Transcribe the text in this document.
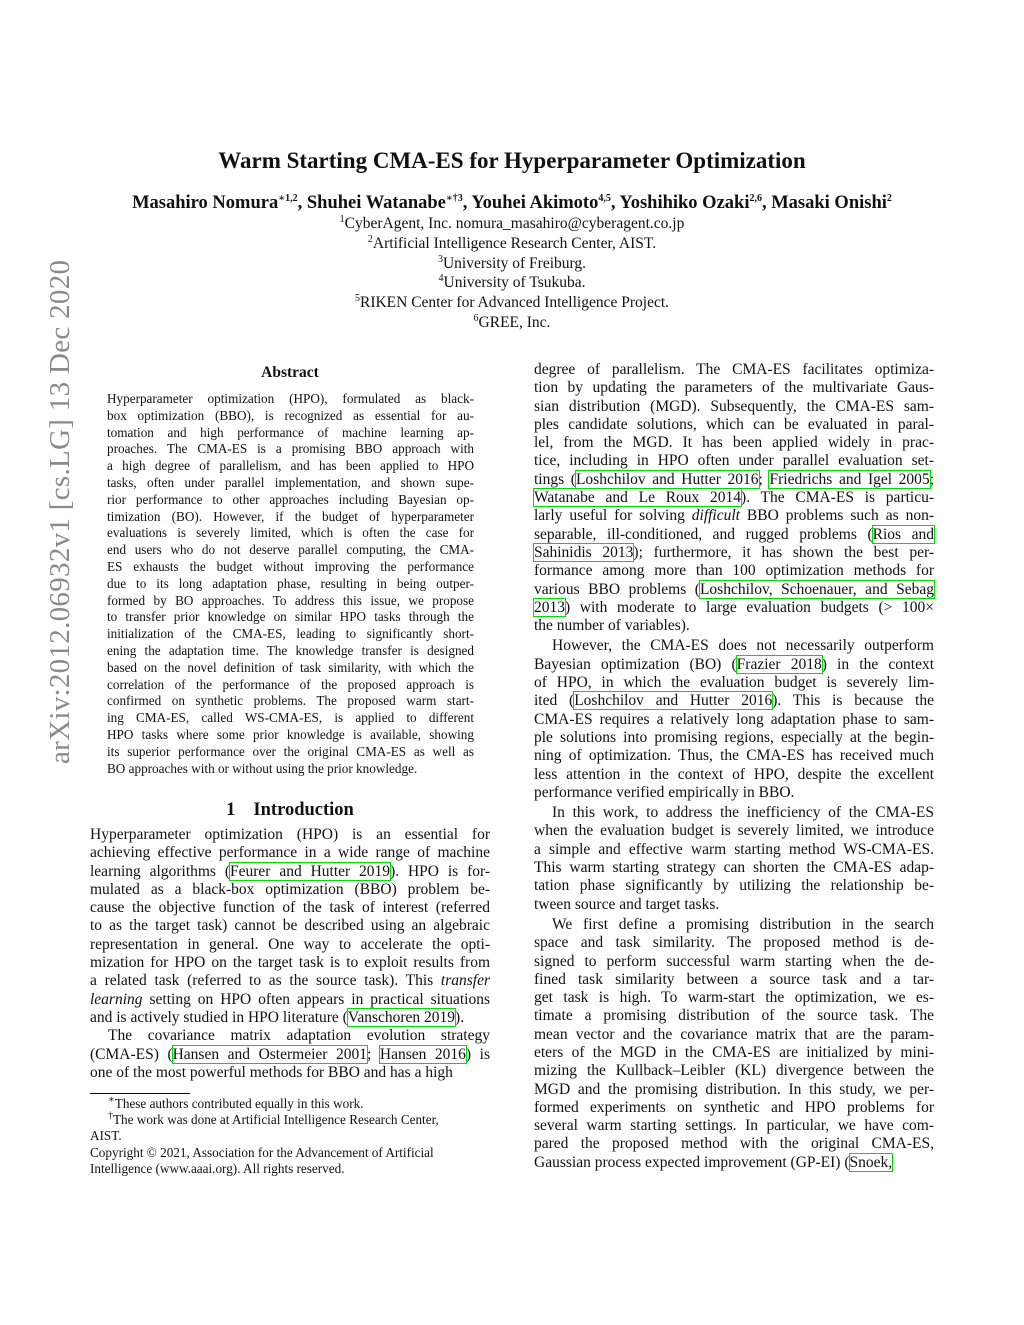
Warm Starting CMA-ES for Hyperparameter Optimization
Masahiro Nomura$^{∗1,2}$, Shuhei Watanabe$^{∗\dagger 3}$, Youhei Akimoto$^{4,5}$, Yoshihiko Ozaki$^{2,6}$, Masaki Onishi$^2$
$^1$CyberAgent, Inc. nomura_masahiro@cyberagent.co.jp
$^2$Artificial Intelligence Research Center, AIST.
$^3$University of Freiburg.
$^4$University of Tsukuba.
$^5$RIKEN Center for Advanced Intelligence Project.
$^6$GREE, Inc.
arXiv:2012.06932v1 [cs.LG] 13 Dec 2020	Abstract
Hyperparameter optimization (HPO), formulated as black-
box optimization (BBO), is recognized as essential for au-
tomation and high performance of machine learning ap-
proaches. The CMA-ES is a promising BBO approach with
a high degree of parallelism, and has been applied to HPO
tasks, often under parallel implementation, and shown supe-
rior performance to other approaches including Bayesian op-
timization (BO). However, if the budget of hyperparameter
evaluations is severely limited, which is often the case for
end users who do not deserve parallel computing, the CMA-
ES exhausts the budget without improving the performance
due to its long adaptation phase, resulting in being outper-
formed by BO approaches. To address this issue, we propose
to transfer prior knowledge on similar HPO tasks through the
initialization of the CMA-ES, leading to significantly short-
ening the adaptation time. The knowledge transfer is designed
based on the novel definition of task similarity, with which the
correlation of the performance of the proposed approach is
confirmed on synthetic problems. The proposed warm start-
ing CMA-ES, called WS-CMA-ES, is applied to different
HPO tasks where some prior knowledge is available, showing
its superior performance over the original CMA-ES as well as
BO approaches with or without using the prior knowledge.
1 Introduction
Hyperparameter optimization (HPO) is an essential for
achieving effective performance in a wide range of machine
learning algorithms (Feurer and Hutter 2019). HPO is for-
mulated as a black-box optimization (BBO) problem be-
cause the objective function of the task of interest (referred
to as the target task) cannot be described using an algebraic
representation in general. One way to accelerate the opti-
mization for HPO on the target task is to exploit results from
a related task (referred to as the source task). This transfer
learning setting on HPO often appears in practical situations
and is actively studied in HPO literature (Vanschoren 2019).
The covariance matrix adaptation evolution strategy
(CMA-ES) (Hansen and Ostermeier 2001; Hansen 2016) is
one of the most powerful methods for BBO and has a high
∗These authors contributed equally in this work.
†The work was done at Artificial Intelligence Research Center,
AIST.
Copyright © 2021, Association for the Advancement of Artificial
Intelligence (www.aaai.org). All rights reserved.
degree of parallelism. The CMA-ES facilitates optimiza-
tion by updating the parameters of the multivariate Gaus-
sian distribution (MGD). Subsequently, the CMA-ES sam-
ples candidate solutions, which can be evaluated in paral-
lel, from the MGD. It has been applied widely in prac-
tice, including in HPO often under parallel evaluation set-
tings (Loshchilov and Hutter 2016; Friedrichs and Igel 2005;
Watanabe and Le Roux 2014). The CMA-ES is particu-
larly useful for solving difficult BBO problems such as non-
separable, ill-conditioned, and rugged problems (Rios and
Sahinidis 2013); furthermore, it has shown the best per-
formance among more than 100 optimization methods for
various BBO problems (Loshchilov, Schoenauer, and Sebag
2013) with moderate to large evaluation budgets (> 100×
the number of variables).
However, the CMA-ES does not necessarily outperform
Bayesian optimization (BO) (Frazier 2018) in the context
of HPO, in which the evaluation budget is severely lim-
ited (Loshchilov and Hutter 2016). This is because the
CMA-ES requires a relatively long adaptation phase to sam-
ple solutions into promising regions, especially at the begin-
ning of optimization. Thus, the CMA-ES has received much
less attention in the context of HPO, despite the excellent
performance verified empirically in BBO.
In this work, to address the inefficiency of the CMA-ES
when the evaluation budget is severely limited, we introduce
a simple and effective warm starting method WS-CMA-ES.
This warm starting strategy can shorten the CMA-ES adap-
tation phase significantly by utilizing the relationship be-
tween source and target tasks.
We first define a promising distribution in the search
space and task similarity. The proposed method is de-
signed to perform successful warm starting when the de-
fined task similarity between a source task and a tar-
get task is high. To warm-start the optimization, we es-
timate a promising distribution of the source task. The
mean vector and the covariance matrix that are the param-
eters of the MGD in the CMA-ES are initialized by mini-
mizing the Kullback–Leibler (KL) divergence between the
MGD and the promising distribution. In this study, we per-
formed experiments on synthetic and HPO problems for
several warm starting settings. In particular, we have com-
pared the proposed method with the original CMA-ES,
Gaussian process expected improvement (GP-EI) (Snoek,
